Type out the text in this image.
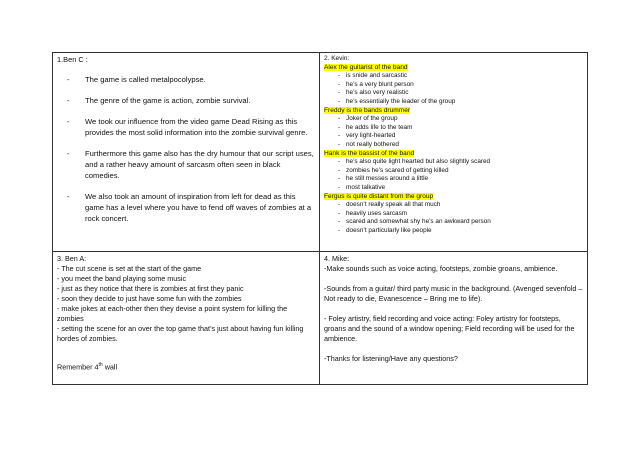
1.Ben C :
-	The game is called metalpocolypse.
-	The genre of the game is action, zombie survival.
-	We took our influence from the video game Dead Rising as this provides the most solid information into the zombie survival genre.
-	Furthermore this game also has the dry humour that our script uses, and a rather heavy amount of sarcasm often seen in black comedies.
-	We also took an amount of inspiration from left for dead as this game has a level where you have to fend off waves of zombies at a rock concert.
2. Kevin:
Alex the guitarist of the band
- is snide and sarcastic
- he’s a very blunt person
- he’s also very realistic
- he’s essentially the leader of the group
Freddy is the bands drummer
- Joker of the group
- he adds life to the team
- very light-hearted
- not really bothered
Hank is the bassist of the band
- he’s also quite light hearted but also slightly scared
- zombies he’s scared of getting killed
- he still messes around a little
- most talkative
Fergus is quite distant from the group
- doesn’t really speak all that much
- heavily uses sarcasm
- scared and somewhat shy he’s an awkward person
- doesn’t particularly like people
3. Ben A:
- The cut scene is set at the start of the game
- you meet the band playing some music
- just as they notice that there is zombies at first they panic
- soon they decide to just have some fun with the zombies
- make jokes at each-other then they devise a point system for killing the zombies
- setting the scene for an over the top game that’s just about having fun killing hordes of zombies.
Remember 4th wall
4. Mike:
-Make sounds such as voice acting, footsteps, zombie groans, ambience.
-Sounds from a guitar/ third party music in the background. (Avenged sevenfold – Not ready to die, Evanescence – Bring me to life).
- Foley artistry, field recording and voice acting: Foley artistry for footsteps, groans and the sound of a window opening; Field recording will be used for the ambience.
-Thanks for listening/Have any questions?
